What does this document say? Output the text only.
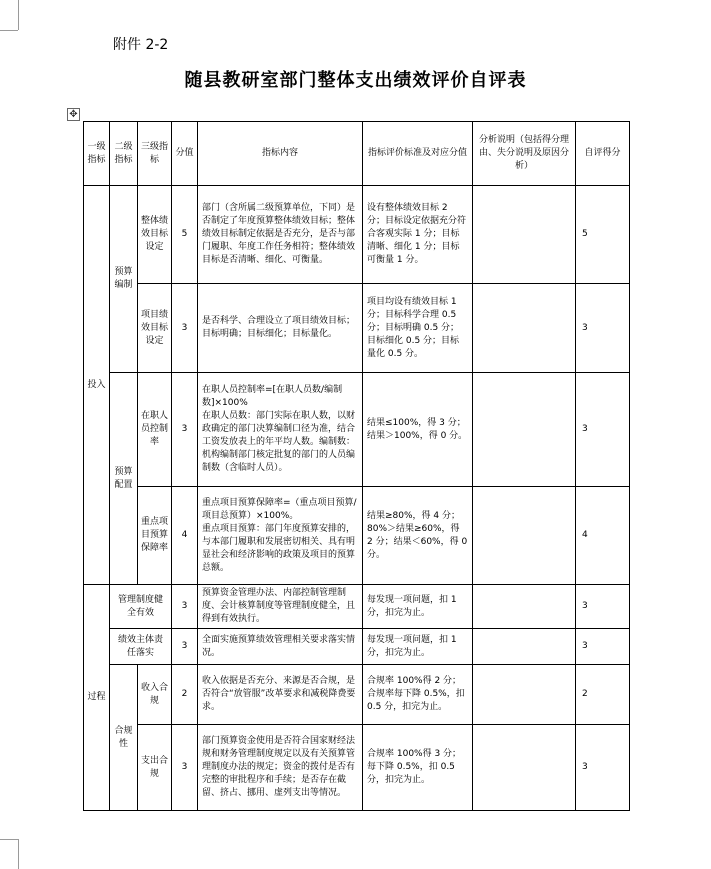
附件 2-2
随县教研室部门整体支出绩效评价自评表
✥
一级指标	二级指标	三级指标	分值	指标内容	指标评价标准及对应分值	分析说明（包括得分理由、失分说明及原因分析）	自评得分
投入	预算编制	整体绩效目标设定	5	部门（含所属二级预算单位，下同）是否制定了年度预算整体绩效目标；整体绩效目标制定依据是否充分，是否与部门履职、年度工作任务相符；整体绩效目标是否清晰、细化、可衡量。	设有整体绩效目标 2 分；目标设定依据充分符合客观实际 1 分；目标清晰、细化 1 分；目标可衡量 1 分。		5
		项目绩效目标设定	3	是否科学、合理设立了项目绩效目标；目标明确；目标细化；目标量化。	项目均设有绩效目标 1 分；目标科学合理 0.5 分；目标明确 0.5 分；目标细化 0.5 分；目标量化 0.5 分。		3
	预算配置	在职人员控制率	3	在职人员控制率=[在职人员数/编制数]×100%
在职人员数：部门实际在职人数，以财政确定的部门决算编制口径为准，结合工资发放表上的年平均人数。编制数：机构编制部门核定批复的部门的人员编制数（含临时人员）。	结果≤100%，得 3 分；结果＞100%，得 0 分。		3
		重点项目预算保障率	4	重点项目预算保障率=（重点项目预算/项目总预算）×100%。
重点项目预算：部门年度预算安排的，与本部门履职和发展密切相关、具有明显社会和经济影响的政策及项目的预算总额。	结果≥80%，得 4 分；80%＞结果≥60%，得 2 分；结果＜60%，得 0 分。		4
过程	管理制度健全有效		3	预算资金管理办法、内部控制管理制度、会计核算制度等管理制度健全，且得到有效执行。	每发现一项问题，扣 1 分，扣完为止。		3
	绩效主体责任落实		3	全面实施预算绩效管理相关要求落实情况。	每发现一项问题，扣 1 分，扣完为止。		3
	合规性	收入合规	2	收入依据是否充分、来源是否合规，是否符合“放管服”改革要求和减税降费要求。	合规率 100%得 2 分；合规率每下降 0.5%，扣 0.5 分，扣完为止。		2
		支出合规	3	部门预算资金使用是否符合国家财经法规和财务管理制度规定以及有关预算管理制度办法的规定；资金的拨付是否有完整的审批程序和手续；是否存在截留、挤占、挪用、虚列支出等情况。	合规率 100%得 3 分；每下降 0.5%，扣 0.5 分，扣完为止。		3
